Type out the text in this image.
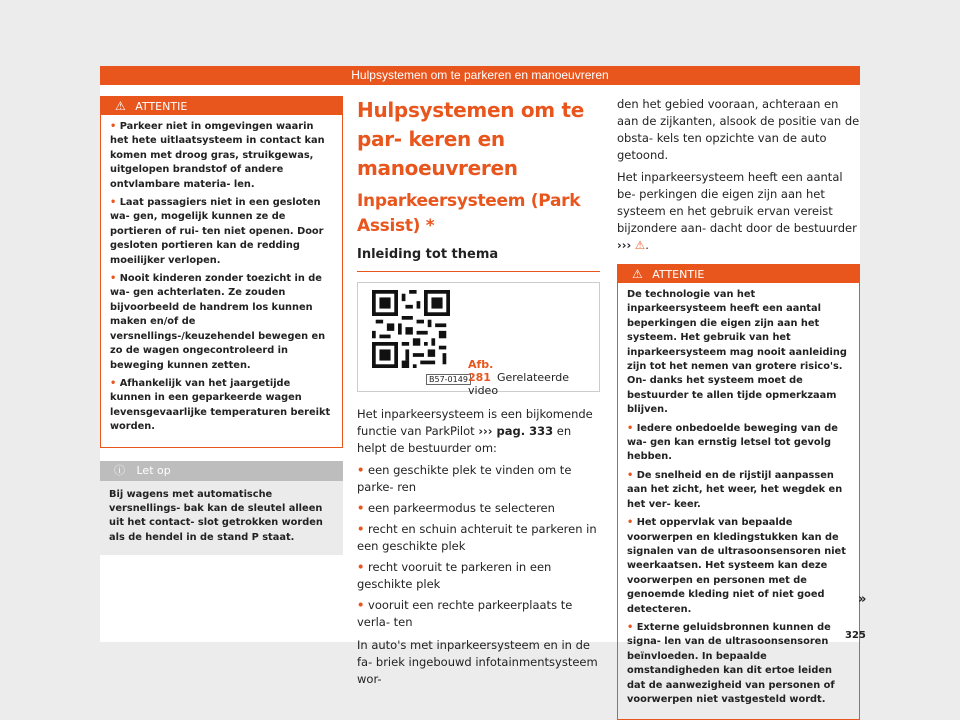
Hulpsystemen om te parkeren en manoeuvreren
⚠ ATTENTIE

• Parkeer niet in omgevingen waarin het hete uitlaatsysteem in contact kan komen met droog gras, struikgewas, uitgelopen brandstof of andere ontvlambare materia- len.

• Laat passagiers niet in een gesloten wa- gen, mogelijk kunnen ze de portieren of rui- ten niet openen. Door gesloten portieren kan de redding moeilijker verlopen.

• Nooit kinderen zonder toezicht in de wa- gen achterlaten. Ze zouden bijvoorbeeld de handrem los kunnen maken en/of de versnellings-/keuzehendel bewegen en zo de wagen ongecontroleerd in beweging kunnen zetten.

• Afhankelijk van het jaargetijde kunnen in een geparkeerde wagen levensgevaarlijke temperaturen bereikt worden.

ⓘ Let op
Bij wagens met automatische versnellings- bak kan de sleutel alleen uit het contact- slot getrokken worden als de hendel in de stand P staat.
Hulpsystemen om te par- keren en manoeuvreren
Inparkeersysteem (Park Assist) *
Inleiding tot thema
B57-0149
Afb. 281 Gerelateerde video

Het inparkeersysteem is een bijkomende functie van ParkPilot ››› pag. 333 en helpt de bestuurder om:

• een geschikte plek te vinden om te parke- ren

• een parkeermodus te selecteren

• recht en schuin achteruit te parkeren in een geschikte plek

• recht vooruit te parkeren in een geschikte plek

• vooruit een rechte parkeerplaats te verla- ten

In auto's met inparkeersysteem en in de fa- briek ingebouwd infotainmentsysteem wor-

den het gebied vooraan, achteraan en aan de zijkanten, alsook de positie van de obsta- kels ten opzichte van de auto getoond.

Het inparkeersysteem heeft een aantal be- perkingen die eigen zijn aan het systeem en het gebruik ervan vereist bijzondere aan- dacht door de bestuurder ››› ⚠.

⚠ ATTENTIE

De technologie van het inparkeersysteem heeft een aantal beperkingen die eigen zijn aan het systeem. Het gebruik van het inparkeersysteem mag nooit aanleiding zijn tot het nemen van grotere risico's. On- danks het systeem moet de bestuurder te allen tijde opmerkzaam blijven.

• Iedere onbedoelde beweging van de wa- gen kan ernstig letsel tot gevolg hebben.

• De snelheid en de rijstijl aanpassen aan het zicht, het weer, het wegdek en het ver- keer.

• Het oppervlak van bepaalde voorwerpen en kledingstukken kan de signalen van de ultrasoonsensoren niet weerkaatsen. Het systeem kan deze voorwerpen en personen met de genoemde kleding niet of niet goed detecteren.

• Externe geluidsbronnen kunnen de signa- len van de ultrasoonsensoren beïnvloeden. In bepaalde omstandigheden kan dit ertoe leiden dat de aanwezigheid van personen of voorwerpen niet vastgesteld wordt.

»
325
